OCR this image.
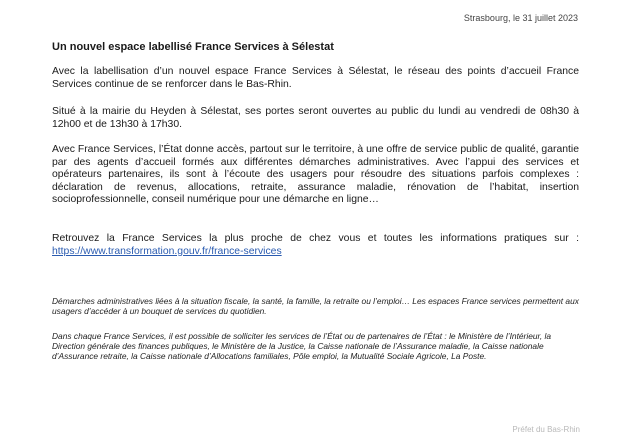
Strasbourg, le 31 juillet 2023
Un nouvel espace labellisé France Services à Sélestat

Avec la labellisation d’un nouvel espace France Services à Sélestat, le réseau des points d’accueil France Services continue de se renforcer dans le Bas-Rhin.

Situé à la mairie du Heyden à Sélestat, ses portes seront ouvertes au public du lundi au vendredi de 08h30 à 12h00 et de 13h30 à 17h30.

Avec France Services, l’État donne accès, partout sur le territoire, à une offre de service public de qualité, garantie par des agents d’accueil formés aux différentes démarches administratives. Avec l’appui des services et opérateurs partenaires, ils sont à l’écoute des usagers pour résoudre des situations parfois complexes : déclaration de revenus, allocations, retraite, assurance maladie, rénovation de l’habitat, insertion socioprofessionnelle, conseil numérique pour une démarche en ligne…

Retrouvez la France Services la plus proche de chez vous et toutes les informations pratiques sur : https://www.transformation.gouv.fr/france-services

Démarches administratives liées à la situation fiscale, la santé, la famille, la retraite ou l’emploi… Les espaces France services permettent aux usagers d’accéder à un bouquet de services du quotidien.

Dans chaque France Services, il est possible de solliciter les services de l’État ou de partenaires de l’État : le Ministère de l’Intérieur, la Direction générale des finances publiques, le Ministère de la Justice, la Caisse nationale de l’Assurance maladie, la Caisse nationale d’Assurance retraite, la Caisse nationale d’Allocations familiales, Pôle emploi, la Mutualité Sociale Agricole, La Poste.

Préfet du Bas-Rhin
